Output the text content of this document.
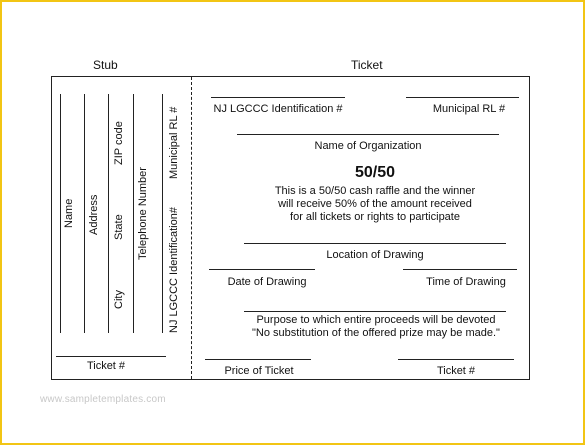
Stub	Ticket
Name Address State
ZIP code
City
Telephone Number
Municipal RL #
NJ LGCCC Identification#
Ticket #
NJ LGCCC Identification #	Municipal RL #
Name of Organization
50/50
This is a 50/50 cash raffle and the winner
will receive 50% of the amount received
for all tickets or rights to participate
Location of Drawing
Date of Drawing	Time of Drawing
Purpose to which entire proceeds will be devoted
"No substitution of the offered prize may be made."
Price of Ticket	Ticket #
www.sampletemplates.com
